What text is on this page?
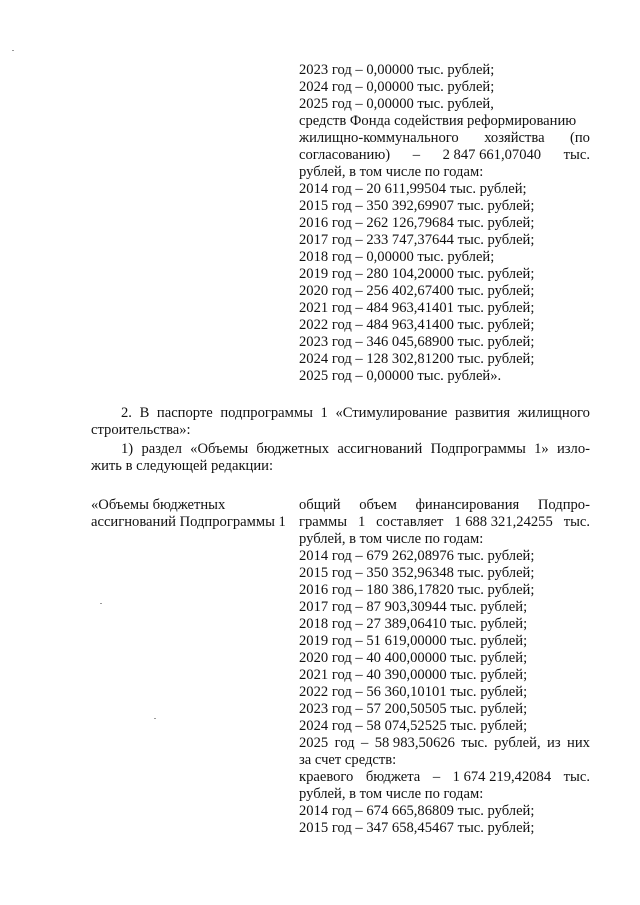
2023 год – 0,00000 тыс. рублей;
2024 год – 0,00000 тыс. рублей;
2025 год – 0,00000 тыс. рублей,
средств Фонда содействия реформированию
жилищно-коммунального хозяйства (по
согласованию) – 2 847 661,07040 тыс.
рублей, в том числе по годам:
2014 год – 20 611,99504 тыс. рублей;
2015 год – 350 392,69907 тыс. рублей;
2016 год – 262 126,79684 тыс. рублей;
2017 год – 233 747,37644 тыс. рублей;
2018 год – 0,00000 тыс. рублей;
2019 год – 280 104,20000 тыс. рублей;
2020 год – 256 402,67400 тыс. рублей;
2021 год – 484 963,41401 тыс. рублей;
2022 год – 484 963,41400 тыс. рублей;
2023 год – 346 045,68900 тыс. рублей;
2024 год – 128 302,81200 тыс. рублей;
2025 год – 0,00000 тыс. рублей».
2. В паспорте подпрограммы 1 «Стимулирование развития жилищного
строительства»:
1) раздел «Объемы бюджетных ассигнований Подпрограммы 1» изло-
жить в следующей редакции:
«Объемы бюджетных
ассигнований Подпрограммы 1
общий объем финансирования Подпро-
граммы 1 составляет 1 688 321,24255 тыс.
рублей, в том числе по годам:
2014 год – 679 262,08976 тыс. рублей;
2015 год – 350 352,96348 тыс. рублей;
2016 год – 180 386,17820 тыс. рублей;
2017 год – 87 903,30944 тыс. рублей;
2018 год – 27 389,06410 тыс. рублей;
2019 год – 51 619,00000 тыс. рублей;
2020 год – 40 400,00000 тыс. рублей;
2021 год – 40 390,00000 тыс. рублей;
2022 год – 56 360,10101 тыс. рублей;
2023 год – 57 200,50505 тыс. рублей;
2024 год – 58 074,52525 тыс. рублей;
2025 год – 58 983,50626 тыс. рублей, из них
за счет средств:
краевого бюджета – 1 674 219,42084 тыс.
рублей, в том числе по годам:
2014 год – 674 665,86809 тыс. рублей;
2015 год – 347 658,45467 тыс. рублей;
